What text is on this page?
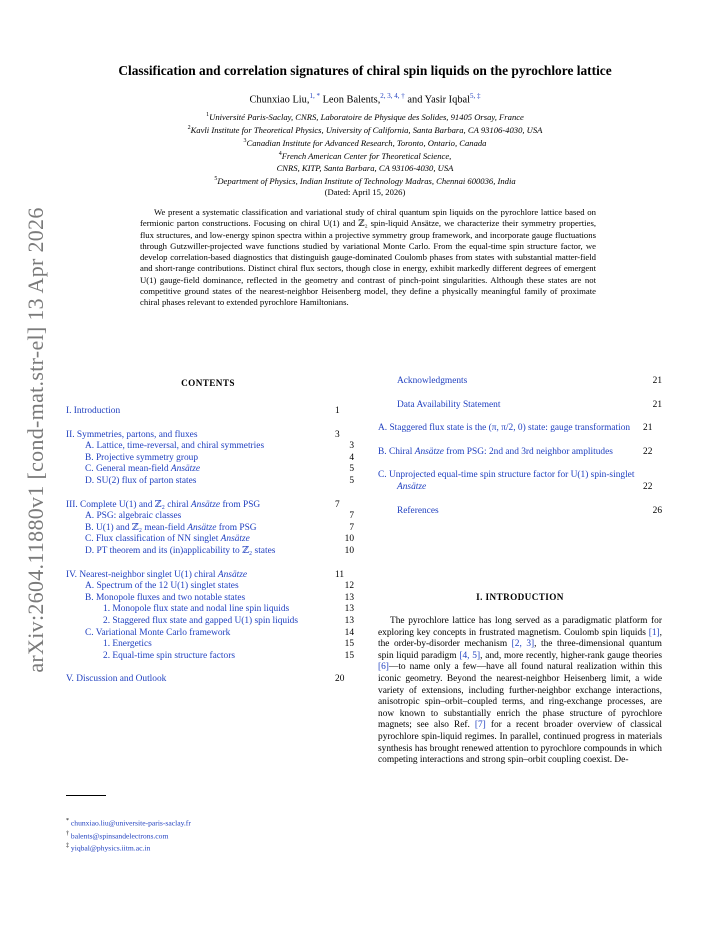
arXiv:2604.11880v1 [cond-mat.str-el] 13 Apr 2026
Classification and correlation signatures of chiral spin liquids on the pyrochlore lattice
Chunxiao Liu,$^{1, *}$ Leon Balents,$^{2, 3, 4, \dagger}$ and Yasir Iqbal$^{5, \ddagger}$
$^1$Université Paris-Saclay, CNRS, Laboratoire de Physique des Solides, 91405 Orsay, France
$^2$Kavli Institute for Theoretical Physics, University of California, Santa Barbara, CA 93106-4030, USA
$^3$Canadian Institute for Advanced Research, Toronto, Ontario, Canada
$^4$French American Center for Theoretical Science,
CNRS, KITP, Santa Barbara, CA 93106-4030, USA
$^5$Department of Physics, Indian Institute of Technology Madras, Chennai 600036, India
(Dated: April 15, 2026)
We present a systematic classification and variational study of chiral quantum spin liquids on the pyrochlore lattice based on fermionic parton constructions. Focusing on chiral U(1) and ℤ₂ spin-liquid Ansätze, we characterize their symmetry properties, flux structures, and low-energy spinon spectra within a projective symmetry group framework, and incorporate gauge fluctuations through Gutzwiller-projected wave functions studied by variational Monte Carlo. From the equal-time spin structure factor, we develop correlation-based diagnostics that distinguish gauge-dominated Coulomb phases from states with substantial matter-field and short-range contributions. Distinct chiral flux sectors, though close in energy, exhibit markedly different degrees of emergent U(1) gauge-field dominance, reflected in the geometry and contrast of pinch-point singularities. Although these states are not competitive ground states of the nearest-neighbor Heisenberg model, they define a physically meaningful family of proximate chiral phases relevant to extended pyrochlore Hamiltonians.
CONTENTS
I. Introduction	1
II. Symmetries, partons, and fluxes	3
A. Lattice, time-reversal, and chiral symmetries	3
B. Projective symmetry group	4
C. General mean-field Ansätze	5
D. SU(2) flux of parton states	5
III. Complete U(1) and ℤ₂ chiral Ansätze from PSG	7
A. PSG: algebraic classes	7
B. U(1) and ℤ₂ mean-field Ansätze from PSG	7
C. Flux classification of NN singlet Ansätze	10
D. PT theorem and its (in)applicability to ℤ₂ states	10
IV. Nearest-neighbor singlet U(1) chiral Ansätze	11
A. Spectrum of the 12 U(1) singlet states	12
B. Monopole fluxes and two notable states	13
1. Monopole flux state and nodal line spin liquids	13
2. Staggered flux state and gapped U(1) spin liquids	13
C. Variational Monte Carlo framework	14
1. Energetics	15
2. Equal-time spin structure factors	15
V. Discussion and Outlook	20
Acknowledgments	21
Data Availability Statement	21
A. Staggered flux state is the (π, π/2, 0) state: gauge transformation	21
B. Chiral Ansätze from PSG: 2nd and 3rd neighbor amplitudes	22
C. Unprojected equal-time spin structure factor for U(1) spin-singlet Ansätze	22
References	26
* chunxiao.liu@universite-paris-saclay.fr
† balents@spinsandelectrons.com
‡ yiqbal@physics.iitm.ac.in
I. INTRODUCTION
The pyrochlore lattice has long served as a paradigmatic platform for exploring key concepts in frustrated magnetism. Coulomb spin liquids [1], the order-by-disorder mechanism [2, 3], the three-dimensional quantum spin liquid paradigm [4, 5], and, more recently, higher-rank gauge theories [6]—to name only a few—have all found natural realization within this iconic geometry. Beyond the nearest-neighbor Heisenberg limit, a wide variety of extensions, including further-neighbor exchange interactions, anisotropic spin–orbit–coupled terms, and ring-exchange processes, are now known to substantially enrich the phase structure of pyrochlore magnets; see also Ref. [7] for a recent broader overview of classical pyrochlore spin-liquid regimes. In parallel, continued progress in materials synthesis has brought renewed attention to pyrochlore compounds in which competing interactions and strong spin–orbit coupling coexist. De-
